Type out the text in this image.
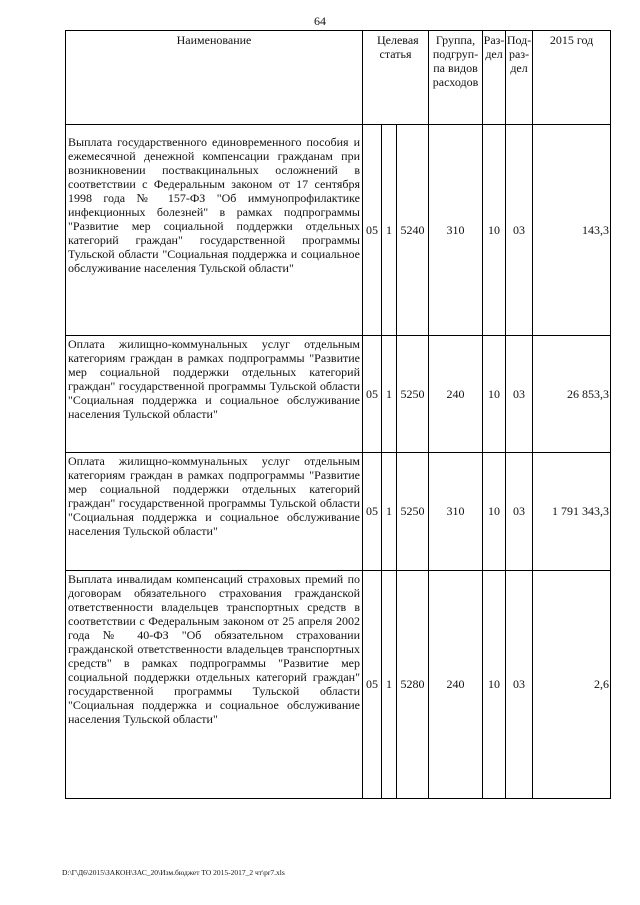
64
Наименование	Целевая статья			Группа, подгруп-па видов расходов	Раз-дел	Под-раз-дел	2015 год
Выплата государственного единовременного пособия и ежемесячной денежной компенсации гражданам при возникновении поствакцинальных осложнений в соответствии с Федеральным законом от 17 сентября 1998 года № 157-ФЗ "Об иммунопрофилактике инфекционных болезней" в рамках подпрограммы "Развитие мер социальной поддержки отдельных категорий граждан" государственной программы Тульской области "Социальная поддержка и социальное обслуживание населения Тульской области"	05	1	5240	310	10	03	143,3
Оплата жилищно-коммунальных услуг отдельным категориям граждан в рамках подпрограммы "Развитие мер социальной поддержки отдельных категорий граждан" государственной программы Тульской области "Социальная поддержка и социальное обслуживание населения Тульской области"	05	1	5250	240	10	03	26 853,3
Оплата жилищно-коммунальных услуг отдельным категориям граждан в рамках подпрограммы "Развитие мер социальной поддержки отдельных категорий граждан" государственной программы Тульской области "Социальная поддержка и социальное обслуживание населения Тульской области"	05	1	5250	310	10	03	1 791 343,3
Выплата инвалидам компенсаций страховых премий по договорам обязательного страхования гражданской ответственности владельцев транспортных средств в соответствии с Федеральным законом от 25 апреля 2002 года № 40-ФЗ "Об обязательном страховании гражданской ответственности владельцев транспортных средств" в рамках подпрограммы "Развитие мер социальной поддержки отдельных категорий граждан" государственной программы Тульской области "Социальная поддержка и социальное обслуживание населения Тульской области"	05	1	5280	240	10	03	2,6
D:\Г\Д6\2015\ЗАКОН\ЗАС_20\Изм.бюджет ТО 2015-2017_2 чт\pr7.xls
